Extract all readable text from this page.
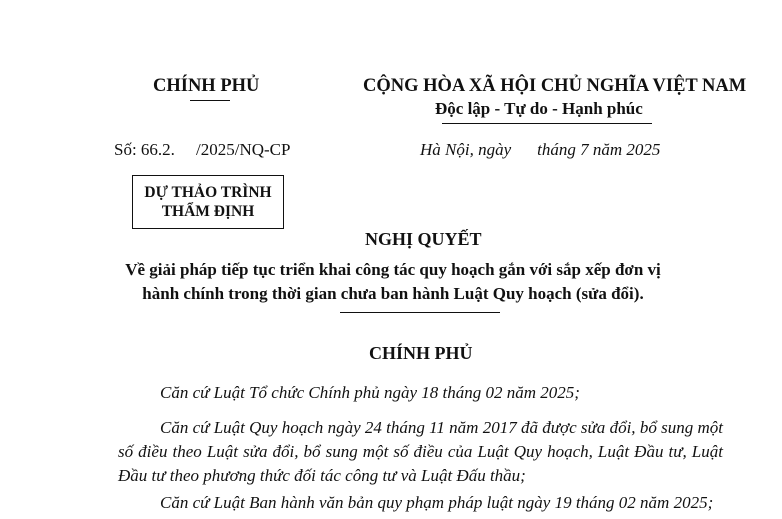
CHÍNH PHỦ	CỘNG HÒA XÃ HỘI CHỦ NGHĨA VIỆT NAM
Độc lập - Tự do - Hạnh phúc
Số: 66.2. /2025/NQ-CP	Hà Nội, ngày tháng 7 năm 2025
DỰ THẢO TRÌNH
THẨM ĐỊNH
NGHỊ QUYẾT
Về giải pháp tiếp tục triển khai công tác quy hoạch gắn với sắp xếp đơn vị hành chính trong thời gian chưa ban hành Luật Quy hoạch (sửa đổi).
CHÍNH PHỦ
Căn cứ Luật Tổ chức Chính phủ ngày 18 tháng 02 năm 2025;
Căn cứ Luật Quy hoạch ngày 24 tháng 11 năm 2017 đã được sửa đổi, bổ sung một số điều theo Luật sửa đổi, bổ sung một số điều của Luật Quy hoạch, Luật Đầu tư, Luật Đầu tư theo phương thức đối tác công tư và Luật Đấu thầu;
Căn cứ Luật Ban hành văn bản quy phạm pháp luật ngày 19 tháng 02 năm 2025;
